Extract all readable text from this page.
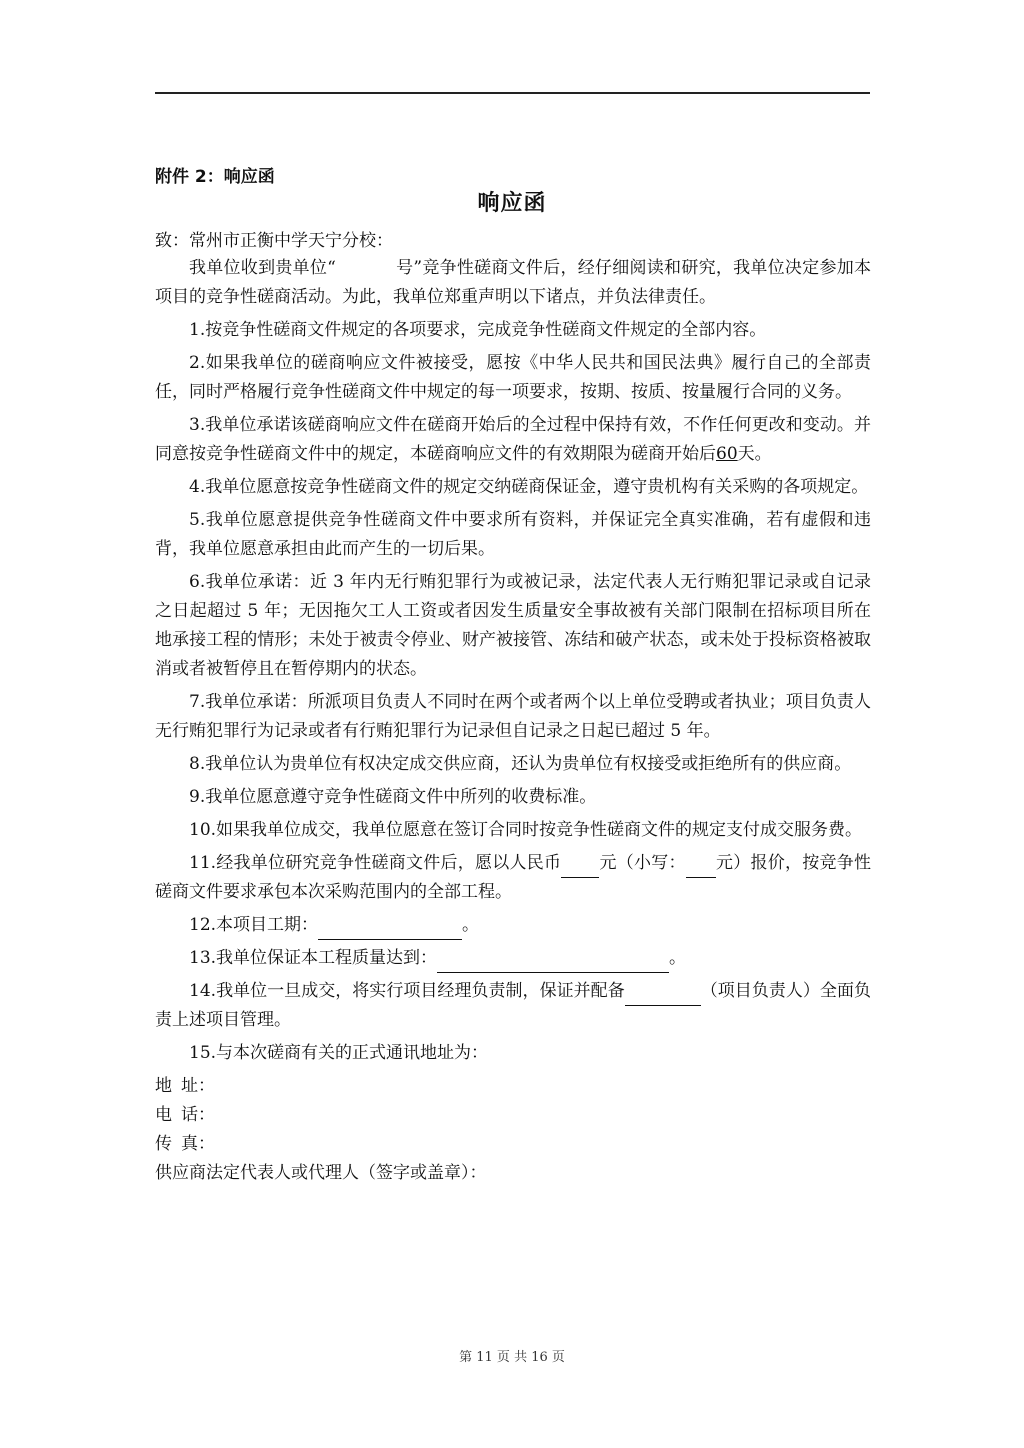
附件 2：响应函
响应函
致：常州市正衡中学天宁分校：

我单位收到贵单位“	号”竞争性磋商文件后，经仔细阅读和研究，我单位决定参加本项目的竞争性磋商活动。为此，我单位郑重声明以下诸点，并负法律责任。

1.按竞争性磋商文件规定的各项要求，完成竞争性磋商文件规定的全部内容。

2.如果我单位的磋商响应文件被接受，愿按《中华人民共和国民法典》履行自己的全部责任，同时严格履行竞争性磋商文件中规定的每一项要求，按期、按质、按量履行合同的义务。

3.我单位承诺该磋商响应文件在磋商开始后的全过程中保持有效，不作任何更改和变动。并同意按竞争性磋商文件中的规定，本磋商响应文件的有效期限为磋商开始后60天。

4.我单位愿意按竞争性磋商文件的规定交纳磋商保证金，遵守贵机构有关采购的各项规定。

5.我单位愿意提供竞争性磋商文件中要求所有资料，并保证完全真实准确，若有虚假和违背，我单位愿意承担由此而产生的一切后果。

6.我单位承诺：近 3 年内无行贿犯罪行为或被记录，法定代表人无行贿犯罪记录或自记录之日起超过 5 年；无因拖欠工人工资或者因发生质量安全事故被有关部门限制在招标项目所在地承接工程的情形；未处于被责令停业、财产被接管、冻结和破产状态，或未处于投标资格被取消或者被暂停且在暂停期内的状态。

7.我单位承诺：所派项目负责人不同时在两个或者两个以上单位受聘或者执业；项目负责人无行贿犯罪行为记录或者有行贿犯罪行为记录但自记录之日起已超过 5 年。

8.我单位认为贵单位有权决定成交供应商，还认为贵单位有权接受或拒绝所有的供应商。

9.我单位愿意遵守竞争性磋商文件中所列的收费标准。

10.如果我单位成交，我单位愿意在签订合同时按竞争性磋商文件的规定支付成交服务费。

11.经我单位研究竞争性磋商文件后，愿以人民币 元（小写： 元）报价，按竞争性磋商文件要求承包本次采购范围内的全部工程。

12.本项目工期：	。

13.我单位保证本工程质量达到：	。

14.我单位一旦成交，将实行项目经理负责制，保证并配备	（项目负责人）全面负责上述项目管理。

15.与本次磋商有关的正式通讯地址为：

地 址：

电 话：

传 真：

供应商法定代表人或代理人（签字或盖章）：

第 11 页 共 16 页
